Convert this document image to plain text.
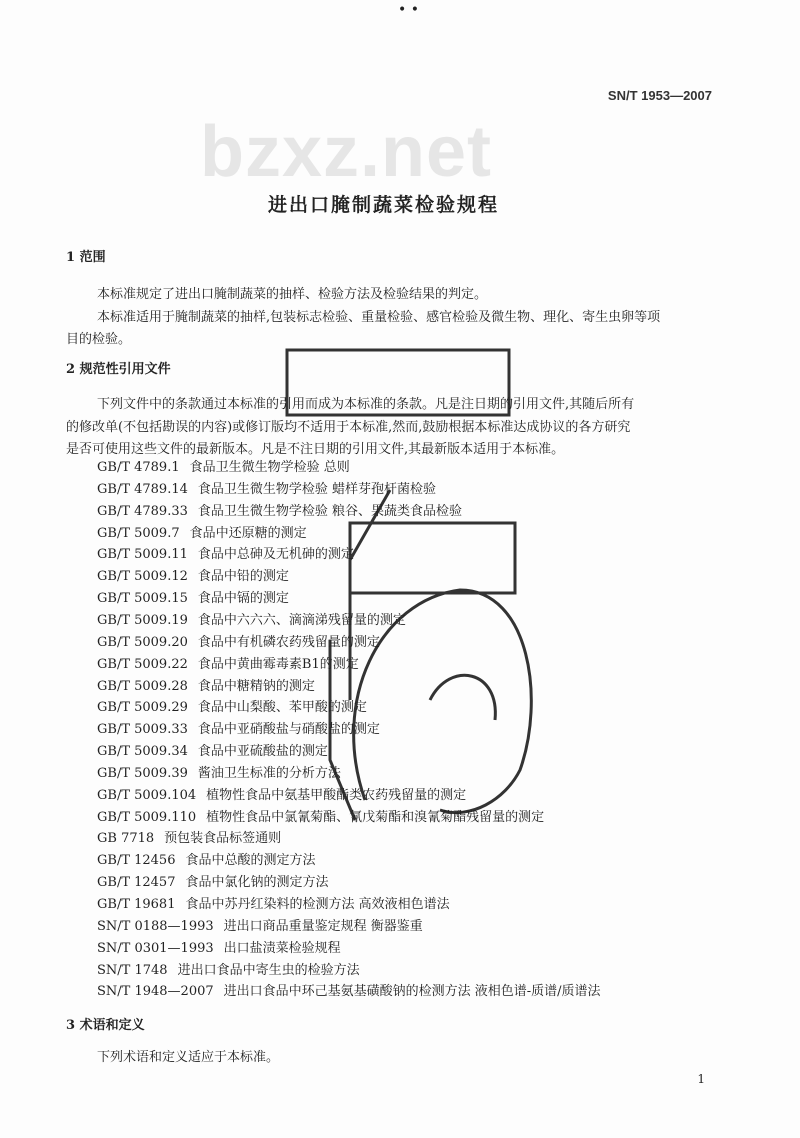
• •
SN/T 1953—2007
bzxz.net
进出口腌制蔬菜检验规程
1 范围
本标准规定了进出口腌制蔬菜的抽样、检验方法及检验结果的判定。
本标准适用于腌制蔬菜的抽样,包装标志检验、重量检验、感官检验及微生物、理化、寄生虫卵等项
目的检验。
2 规范性引用文件
下列文件中的条款通过本标准的引用而成为本标准的条款。凡是注日期的引用文件,其随后所有
的修改单(不包括勘误的内容)或修订版均不适用于本标准,然而,鼓励根据本标准达成协议的各方研究
是否可使用这些文件的最新版本。凡是不注日期的引用文件,其最新版本适用于本标准。
GB/T 4789.1 食品卫生微生物学检验 总则
GB/T 4789.14 食品卫生微生物学检验 蜡样芽孢杆菌检验
GB/T 4789.33 食品卫生微生物学检验 粮谷、果蔬类食品检验
GB/T 5009.7 食品中还原糖的测定
GB/T 5009.11 食品中总砷及无机砷的测定
GB/T 5009.12 食品中铅的测定
GB/T 5009.15 食品中镉的测定
GB/T 5009.19 食品中六六六、滴滴涕残留量的测定
GB/T 5009.20 食品中有机磷农药残留量的测定
GB/T 5009.22 食品中黄曲霉毒素B1的测定
GB/T 5009.28 食品中糖精钠的测定
GB/T 5009.29 食品中山梨酸、苯甲酸的测定
GB/T 5009.33 食品中亚硝酸盐与硝酸盐的测定
GB/T 5009.34 食品中亚硫酸盐的测定
GB/T 5009.39 酱油卫生标准的分析方法
GB/T 5009.104 植物性食品中氨基甲酸酯类农药残留量的测定
GB/T 5009.110 植物性食品中氯氰菊酯、氰戊菊酯和溴氰菊酯残留量的测定
GB 7718 预包装食品标签通则
GB/T 12456 食品中总酸的测定方法
GB/T 12457 食品中氯化钠的测定方法
GB/T 19681 食品中苏丹红染料的检测方法 高效液相色谱法
SN/T 0188—1993 进出口商品重量鉴定规程 衡器鉴重
SN/T 0301—1993 出口盐渍菜检验规程
SN/T 1748 进出口食品中寄生虫的检验方法
SN/T 1948—2007 进出口食品中环己基氨基磺酸钠的检测方法 液相色谱-质谱/质谱法
3 术语和定义
下列术语和定义适应于本标准。
1
